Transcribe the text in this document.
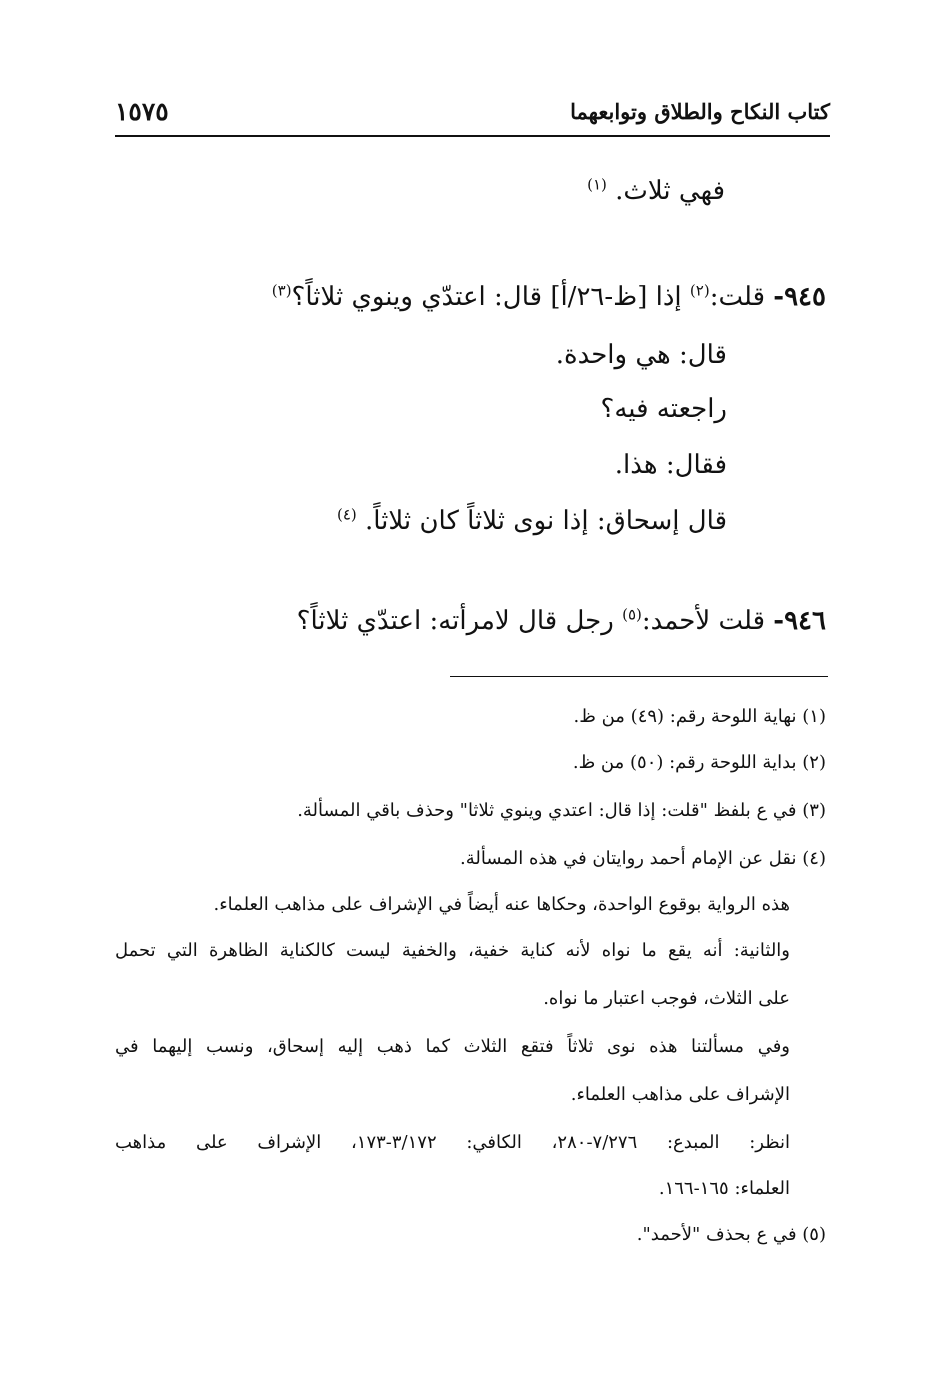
١٥٧٥	كتاب النكاح والطلاق وتوابعهما
فهي ثلاث. $^{(١)}$
٩٤٥- قلت:$^{(٢)}$ إذا [ظ-٢٦/أ] قال: اعتدّي وينوي ثلاثاً؟$^{(٣)}$
قال: هي واحدة.
راجعته فيه؟
فقال: هذا.
قال إسحاق: إذا نوى ثلاثاً كان ثلاثاً. $^{(٤)}$
٩٤٦- قلت لأحمد:$^{(٥)}$ رجل قال لامرأته: اعتدّي ثلاثاً؟
(١) نهاية اللوحة رقم: (٤٩) من ظ.
(٢) بداية اللوحة رقم: (٥٠) من ظ.
(٣) في ع بلفظ "قلت: إذا قال: اعتدي وينوي ثلاثا" وحذف باقي المسألة.
(٤) نقل عن الإمام أحمد روايتان في هذه المسألة.
هذه الرواية بوقوع الواحدة، وحكاها عنه أيضاً في الإشراف على مذاهب العلماء.
والثانية: أنه يقع ما نواه لأنه كناية خفية، والخفية ليست كالكناية الظاهرة التي تحمل
على الثلاث، فوجب اعتبار ما نواه.
وفي مسألتنا هذه نوى ثلاثاً فتقع الثلاث كما ذهب إليه إسحاق، ونسب إليهما في
الإشراف على مذاهب العلماء.
انظر: المبدع: ٧/٢٧٦-٢٨٠، الكافي: ٣/١٧٢-١٧٣، الإشراف على مذاهب
العلماء: ١٦٥-١٦٦.
(٥) في ع بحذف "لأحمد".
